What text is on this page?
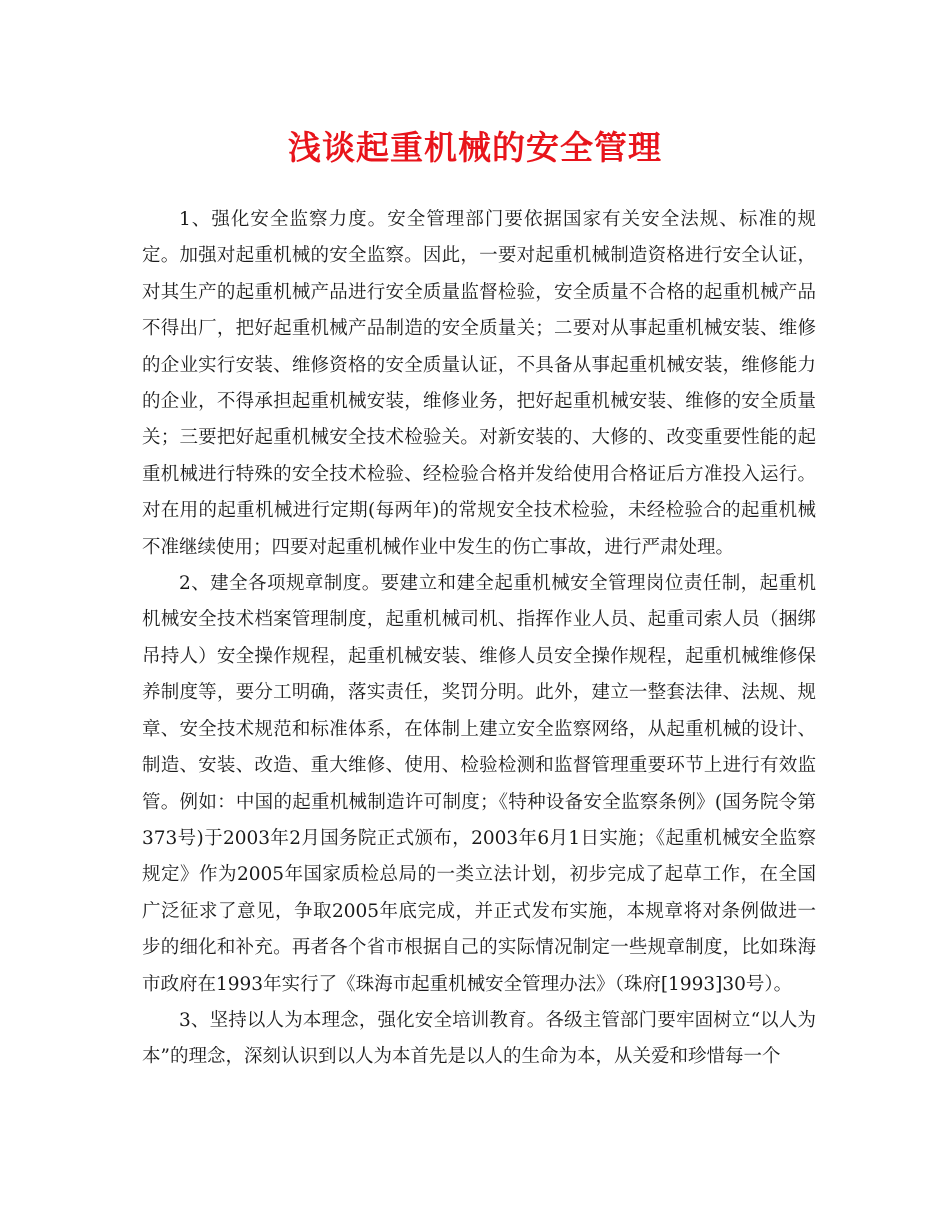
浅谈起重机械的安全管理

1、强化安全监察力度。安全管理部门要依据国家有关安全法规、标准的规定。加强对起重机械的安全监察。因此，一要对起重机械制造资格进行安全认证，对其生产的起重机械产品进行安全质量监督检验，安全质量不合格的起重机械产品不得出厂，把好起重机械产品制造的安全质量关；二要对从事起重机械安装、维修的企业实行安装、维修资格的安全质量认证，不具备从事起重机械安装，维修能力的企业，不得承担起重机械安装，维修业务，把好起重机械安装、维修的安全质量关；三要把好起重机械安全技术检验关。对新安装的、大修的、改变重要性能的起重机械进行特殊的安全技术检验、经检验合格并发给使用合格证后方准投入运行。对在用的起重机械进行定期(每两年)的常规安全技术检验，未经检验合的起重机械不准继续使用；四要对起重机械作业中发生的伤亡事故，进行严肃处理。

2、建全各项规章制度。要建立和建全起重机械安全管理岗位责任制，起重机机械安全技术档案管理制度，起重机械司机、指挥作业人员、起重司索人员（捆绑吊持人）安全操作规程，起重机械安装、维修人员安全操作规程，起重机械维修保养制度等，要分工明确，落实责任，奖罚分明。此外，建立一整套法律、法规、规章、安全技术规范和标准体系，在体制上建立安全监察网络，从起重机械的设计、制造、安装、改造、重大维修、使用、检验检测和监督管理重要环节上进行有效监管。例如：中国的起重机械制造许可制度；《特种设备安全监察条例》(国务院令第373号)于2003年2月国务院正式颁布，2003年6月1日实施；《起重机械安全监察规定》作为2005年国家质检总局的一类立法计划，初步完成了起草工作，在全国广泛征求了意见，争取2005年底完成，并正式发布实施，本规章将对条例做进一步的细化和补充。再者各个省市根据自己的实际情况制定一些规章制度，比如珠海市政府在1993年实行了《珠海市起重机械安全管理办法》（珠府[1993]30号）。

3、坚持以人为本理念，强化安全培训教育。各级主管部门要牢固树立“以人为本”的理念，深刻认识到以人为本首先是以人的生命为本，从关爱和珍惜每一个
